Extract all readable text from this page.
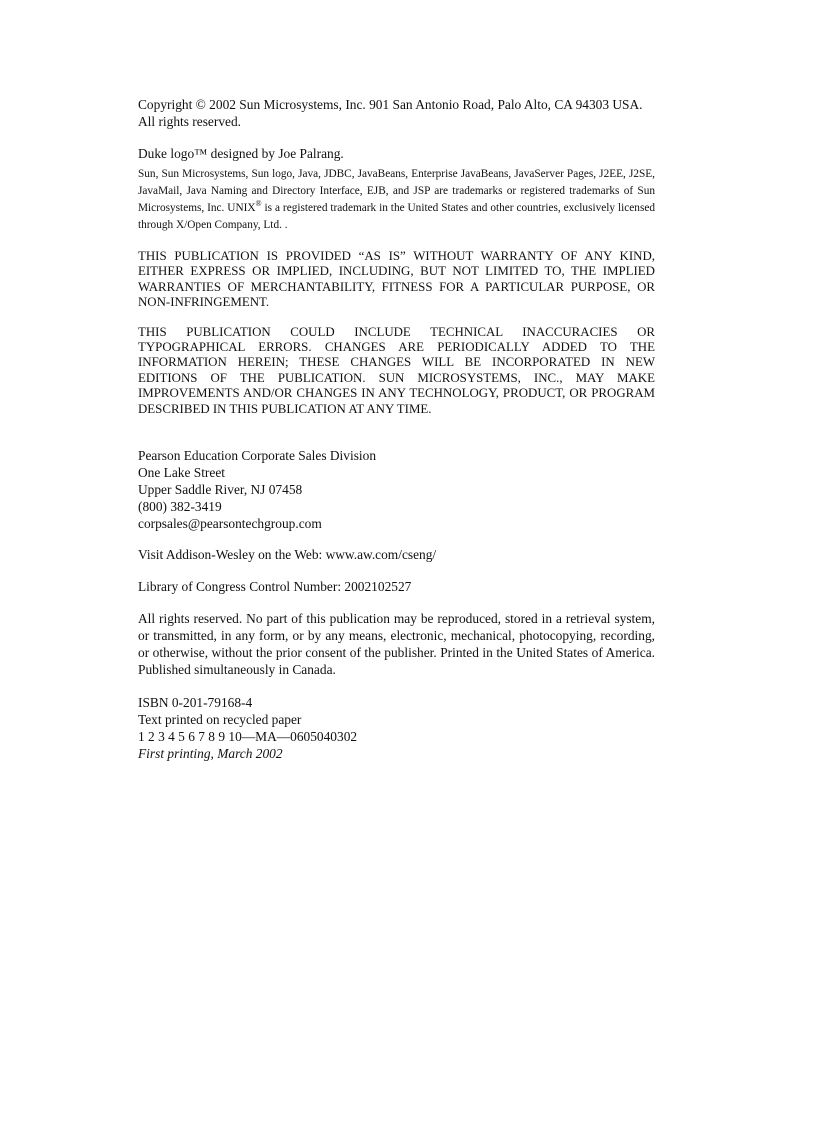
Copyright © 2002 Sun Microsystems, Inc. 901 San Antonio Road, Palo Alto, CA 94303 USA.
All rights reserved.
Duke logo™ designed by Joe Palrang.

Sun, Sun Microsystems, Sun logo, Java, JDBC, JavaBeans, Enterprise JavaBeans, JavaServer Pages, J2EE, J2SE, JavaMail, Java Naming and Directory Interface, EJB, and JSP are trademarks or registered trademarks of Sun Microsystems, Inc. UNIX® is a registered trademark in the United States and other countries, exclusively licensed through X/Open Company, Ltd. .

THIS PUBLICATION IS PROVIDED “AS IS” WITHOUT WARRANTY OF ANY KIND, EITHER EXPRESS OR IMPLIED, INCLUDING, BUT NOT LIMITED TO, THE IMPLIED WARRANTIES OF MERCHANTABILITY, FITNESS FOR A PARTICULAR PURPOSE, OR NON-INFRINGEMENT.

THIS PUBLICATION COULD INCLUDE TECHNICAL INACCURACIES OR TYPOGRAPHICAL ERRORS. CHANGES ARE PERIODICALLY ADDED TO THE INFORMATION HEREIN; THESE CHANGES WILL BE INCORPORATED IN NEW EDITIONS OF THE PUBLICATION. SUN MICROSYSTEMS, INC., MAY MAKE IMPROVEMENTS AND/OR CHANGES IN ANY TECHNOLOGY, PRODUCT, OR PROGRAM DESCRIBED IN THIS PUBLICATION AT ANY TIME.

Pearson Education Corporate Sales Division
One Lake Street
Upper Saddle River, NJ 07458
(800) 382-3419
corpsales@pearsontechgroup.com
Visit Addison-Wesley on the Web: www.aw.com/cseng/
Library of Congress Control Number: 2002102527

All rights reserved. No part of this publication may be reproduced, stored in a retrieval system, or transmitted, in any form, or by any means, electronic, mechanical, photocopying, recording, or otherwise, without the prior consent of the publisher. Printed in the United States of America. Published simultaneously in Canada.

ISBN 0-201-79168-4
Text printed on recycled paper
1 2 3 4 5 6 7 8 9 10—MA—0605040302
First printing, March 2002
